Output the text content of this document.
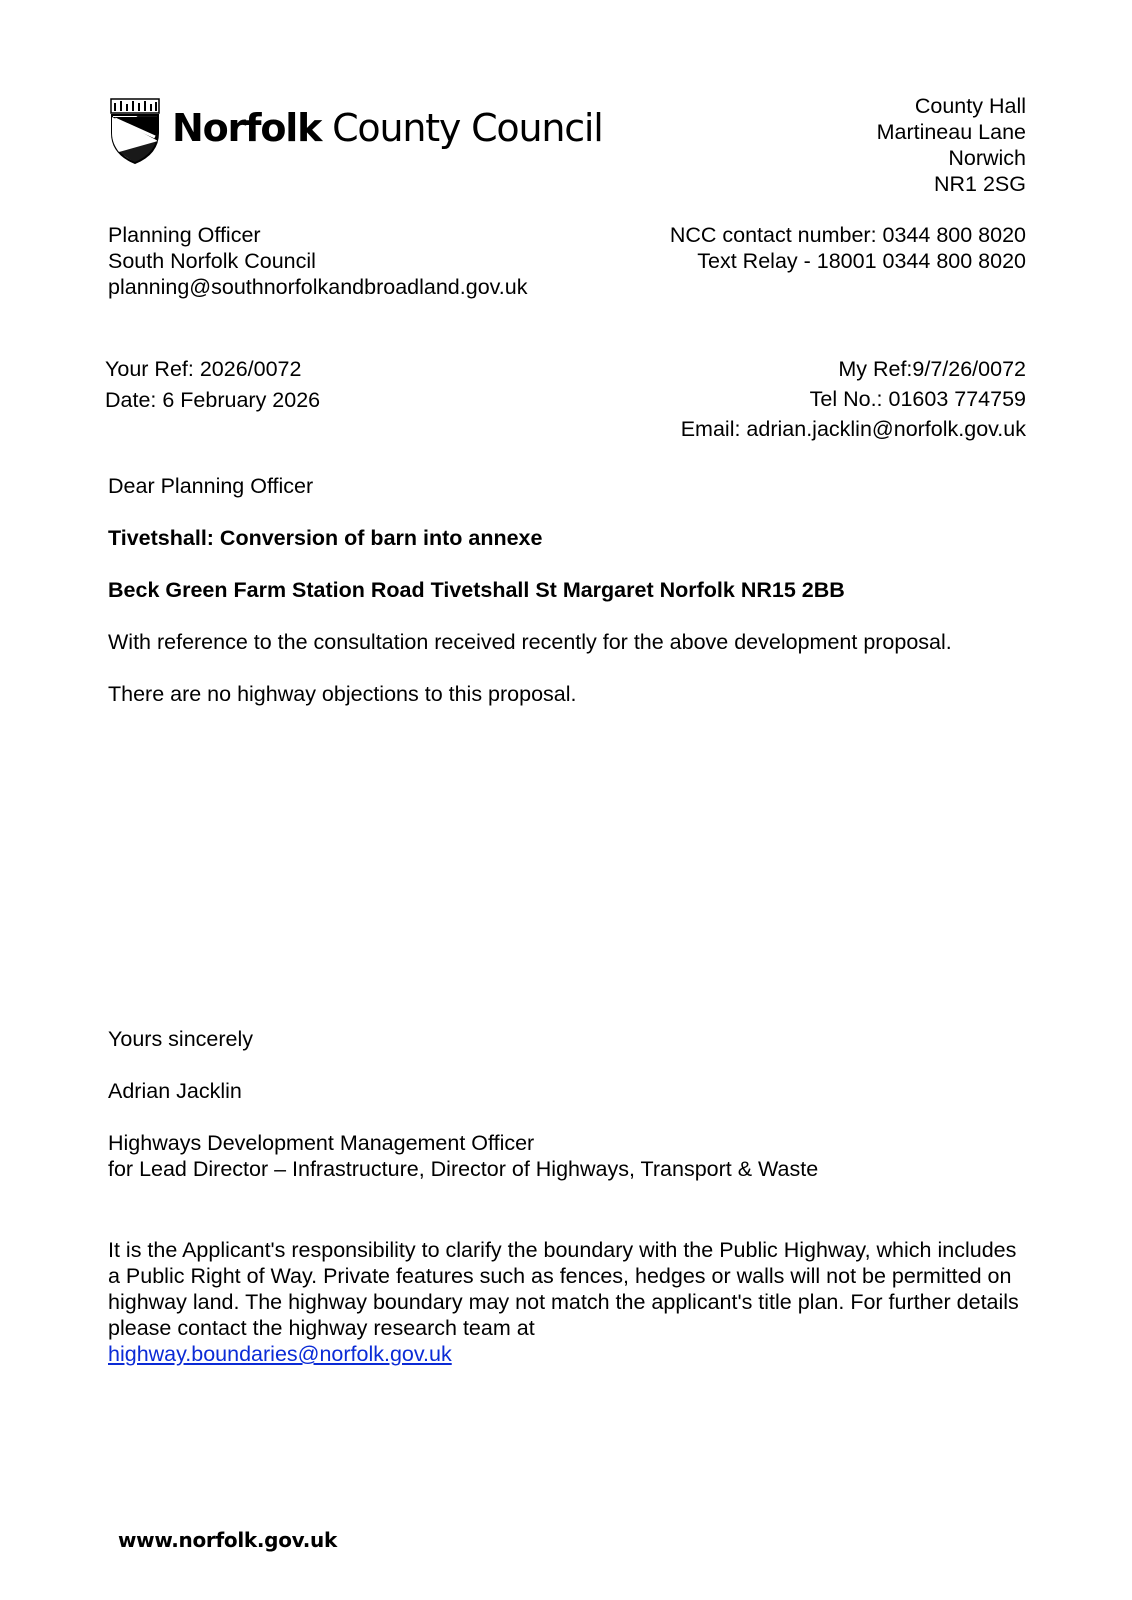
Norfolk County Council	County Hall
Martineau Lane
Norwich
NR1 2SG
Planning Officer
South Norfolk Council
planning@southnorfolkandbroadland.gov.uk
NCC contact number: 0344 800 8020
Text Relay - 18001 0344 800 8020
Your Ref: 2026/0072
Date: 6 February 2026
My Ref:9/7/26/0072
Tel No.: 01603 774759
Email: adrian.jacklin@norfolk.gov.uk
Dear Planning Officer
Tivetshall: Conversion of barn into annexe
Beck Green Farm Station Road Tivetshall St Margaret Norfolk NR15 2BB
With reference to the consultation received recently for the above development proposal.
There are no highway objections to this proposal.
Yours sincerely
Adrian Jacklin
Highways Development Management Officer
for Lead Director – Infrastructure, Director of Highways, Transport & Waste
It is the Applicant's responsibility to clarify the boundary with the Public Highway, which includes a Public Right of Way. Private features such as fences, hedges or walls will not be permitted on highway land. The highway boundary may not match the applicant's title plan. For further details please contact the highway research team at
highway.boundaries@norfolk.gov.uk
www.norfolk.gov.uk
